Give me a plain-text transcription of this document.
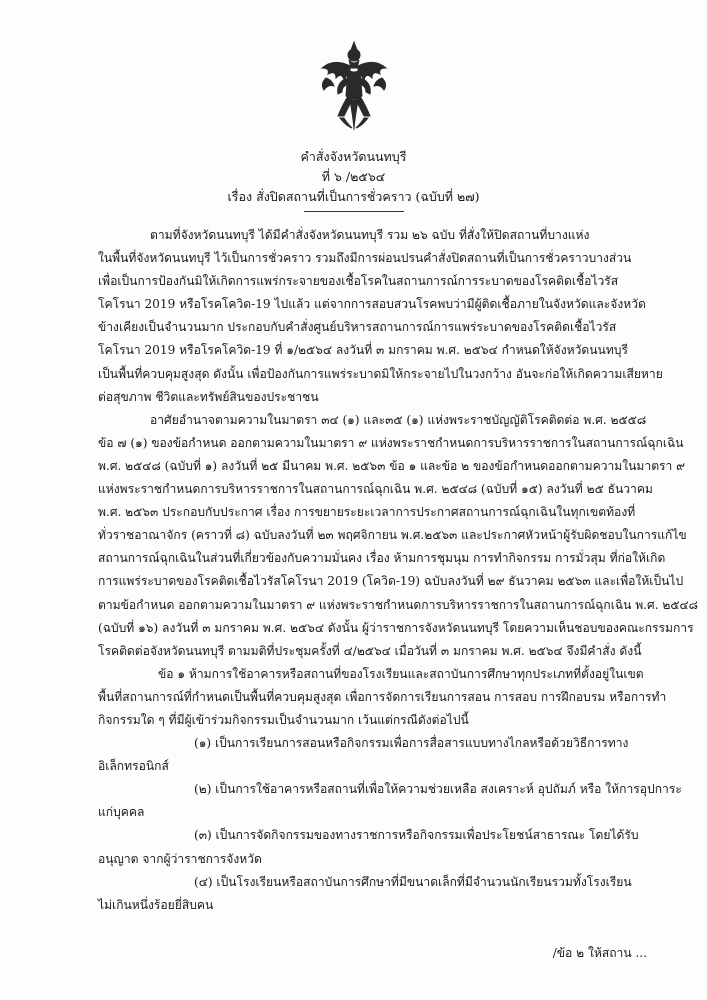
คำสั่งจังหวัดนนทบุรี
ที่ ๖ /๒๕๖๔
เรื่อง สั่งปิดสถานที่เป็นการชั่วคราว (ฉบับที่ ๒๗)
ตามที่จังหวัดนนทบุรี ได้มีคำสั่งจังหวัดนนทบุรี รวม ๒๖ ฉบับ ที่สั่งให้ปิดสถานที่บางแห่ง
ในพื้นที่จังหวัดนนทบุรี ไว้เป็นการชั่วคราว รวมถึงมีการผ่อนปรนคำสั่งปิดสถานที่เป็นการชั่วคราวบางส่วน
เพื่อเป็นการป้องกันมิให้เกิดการแพร่กระจายของเชื้อโรคในสถานการณ์การระบาดของโรคติดเชื้อไวรัส
โคโรนา 2019 หรือโรคโควิด-19 ไปแล้ว แต่จากการสอบสวนโรคพบว่ามีผู้ติดเชื้อภายในจังหวัดและจังหวัด
ข้างเคียงเป็นจำนวนมาก ประกอบกับคำสั่งศูนย์บริหารสถานการณ์การแพร่ระบาดของโรคติดเชื้อไวรัส
โคโรนา 2019 หรือโรคโควิด-19 ที่ ๑/๒๕๖๔ ลงวันที่ ๓ มกราคม พ.ศ. ๒๕๖๔ กำหนดให้จังหวัดนนทบุรี
เป็นพื้นที่ควบคุมสูงสุด ดังนั้น เพื่อป้องกันการแพร่ระบาดมิให้กระจายไปในวงกว้าง อันจะก่อให้เกิดความเสียหาย
ต่อสุขภาพ ชีวิตและทรัพย์สินของประชาชน
อาศัยอำนาจตามความในมาตรา ๓๔ (๑) และ๓๕ (๑) แห่งพระราชบัญญัติโรคติดต่อ พ.ศ. ๒๕๕๘
ข้อ ๗ (๑) ของข้อกำหนด ออกตามความในมาตรา ๙ แห่งพระราชกำหนดการบริหารราชการในสถานการณ์ฉุกเฉิน
พ.ศ. ๒๕๔๘ (ฉบับที่ ๑) ลงวันที่ ๒๕ มีนาคม พ.ศ. ๒๕๖๓ ข้อ ๑ และข้อ ๒ ของข้อกำหนดออกตามความในมาตรา ๙
แห่งพระราชกำหนดการบริหารราชการในสถานการณ์ฉุกเฉิน พ.ศ. ๒๕๔๘ (ฉบับที่ ๑๕) ลงวันที่ ๒๕ ธันวาคม
พ.ศ. ๒๕๖๓ ประกอบกับประกาศ เรื่อง การขยายระยะเวลาการประกาศสถานการณ์ฉุกเฉินในทุกเขตท้องที่
ทั่วราชอาณาจักร (คราวที่ ๘) ฉบับลงวันที่ ๒๓ พฤศจิกายน พ.ศ.๒๕๖๓ และประกาศหัวหน้าผู้รับผิดชอบในการแก้ไข
สถานการณ์ฉุกเฉินในส่วนที่เกี่ยวข้องกับความมั่นคง เรื่อง ห้ามการชุมนุม การทำกิจกรรม การมั่วสุม ที่ก่อให้เกิด
การแพร่ระบาดของโรคติดเชื้อไวรัสโคโรนา 2019 (โควิด-19) ฉบับลงวันที่ ๒๙ ธันวาคม ๒๕๖๓ และเพื่อให้เป็นไป
ตามข้อกำหนด ออกตามความในมาตรา ๙ แห่งพระราชกำหนดการบริหารราชการในสถานการณ์ฉุกเฉิน พ.ศ. ๒๕๔๘
(ฉบับที่ ๑๖) ลงวันที่ ๓ มกราคม พ.ศ. ๒๕๖๔ ดังนั้น ผู้ว่าราชการจังหวัดนนทบุรี โดยความเห็นชอบของคณะกรรมการ
โรคติดต่อจังหวัดนนทบุรี ตามมติที่ประชุมครั้งที่ ๔/๒๕๖๔ เมื่อวันที่ ๓ มกราคม พ.ศ. ๒๕๖๔ จึงมีคำสั่ง ดังนี้
ข้อ ๑ ห้ามการใช้อาคารหรือสถานที่ของโรงเรียนและสถาบันการศึกษาทุกประเภทที่ตั้งอยู่ในเขต
พื้นที่สถานการณ์ที่กำหนดเป็นพื้นที่ควบคุมสูงสุด เพื่อการจัดการเรียนการสอน การสอบ การฝึกอบรม หรือการทำ
กิจกรรมใด ๆ ที่มีผู้เข้าร่วมกิจกรรมเป็นจำนวนมาก เว้นแต่กรณีดังต่อไปนี้
(๑) เป็นการเรียนการสอนหรือกิจกรรมเพื่อการสื่อสารแบบทางไกลหรือด้วยวิธีการทาง
อิเล็กทรอนิกส์
(๒) เป็นการใช้อาคารหรือสถานที่เพื่อให้ความช่วยเหลือ สงเคราะห์ อุปถัมภ์ หรือ ให้การอุปการะ
แก่บุคคล
(๓) เป็นการจัดกิจกรรมของทางราชการหรือกิจกรรมเพื่อประโยชน์สาธารณะ โดยได้รับ
อนุญาต จากผู้ว่าราชการจังหวัด
(๔) เป็นโรงเรียนหรือสถาบันการศึกษาที่มีขนาดเล็กที่มีจำนวนนักเรียนรวมทั้งโรงเรียน
ไม่เกินหนึ่งร้อยยี่สิบคน
/ข้อ ๒ ให้สถาน ...
